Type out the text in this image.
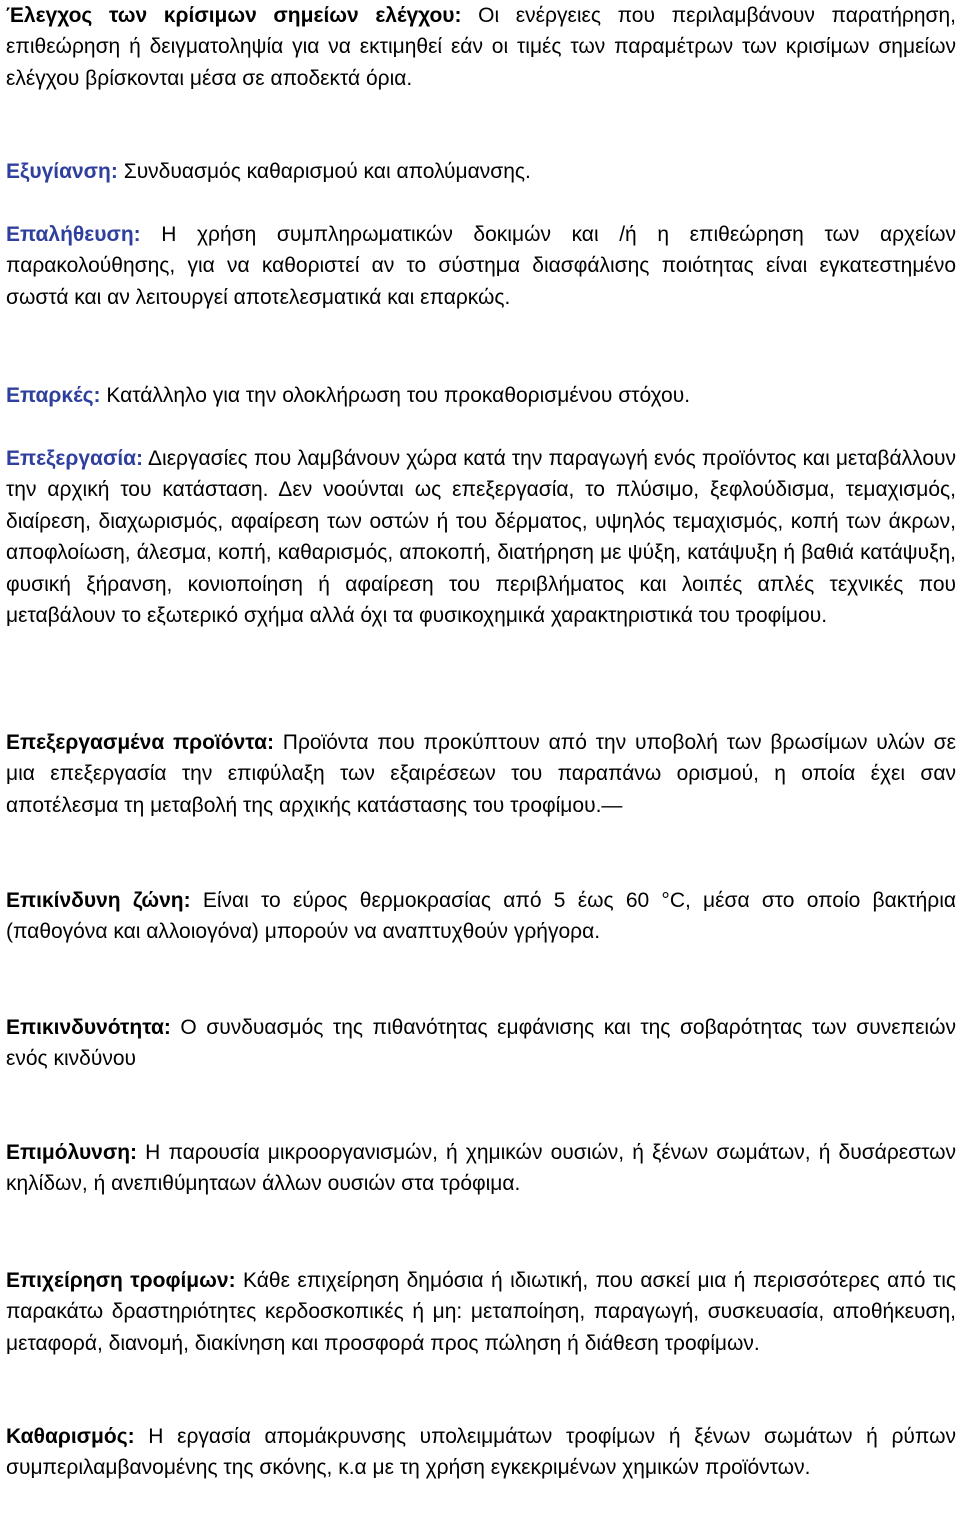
Έλεγχος των κρίσιμων σημείων ελέγχου: Οι ενέργειες που περιλαμβάνουν παρατήρηση, επιθεώρηση ή δειγματοληψία για να εκτιμηθεί εάν οι τιμές των παραμέτρων των κρισίμων σημείων ελέγχου βρίσκονται μέσα σε αποδεκτά όρια.

Εξυγίανση: Συνδυασμός καθαρισμού και απολύμανσης.

Επαλήθευση: Η χρήση συμπληρωματικών δοκιμών και /ή η επιθεώρηση των αρχείων παρακολούθησης, για να καθοριστεί αν το σύστημα διασφάλισης ποιότητας είναι εγκατεστημένο σωστά και αν λειτουργεί αποτελεσματικά και επαρκώς.

Επαρκές: Κατάλληλο για την ολοκλήρωση του προκαθορισμένου στόχου.

Επεξεργασία: Διεργασίες που λαμβάνουν χώρα κατά την παραγωγή ενός προϊόντος και μεταβάλλουν την αρχική του κατάσταση. Δεν νοούνται ως επεξεργασία, το πλύσιμο, ξεφλούδισμα, τεμαχισμός, διαίρεση, διαχωρισμός, αφαίρεση των οστών ή του δέρματος, υψηλός τεμαχισμός, κοπή των άκρων, αποφλοίωση, άλεσμα, κοπή, καθαρισμός, αποκοπή, διατήρηση με ψύξη, κατάψυξη ή βαθιά κατάψυξη, φυσική ξήρανση, κονιοποίηση ή αφαίρεση του περιβλήματος και λοιπές απλές τεχνικές που μεταβάλουν το εξωτερικό σχήμα αλλά όχι τα φυσικοχημικά χαρακτηριστικά του τροφίμου.

Επεξεργασμένα προϊόντα: Προϊόντα που προκύπτουν από την υποβολή των βρωσίμων υλών σε μια επεξεργασία την επιφύλαξη των εξαιρέσεων του παραπάνω ορισμού, η οποία έχει σαν αποτέλεσμα τη μεταβολή της αρχικής κατάστασης του τροφίμου.—

Επικίνδυνη ζώνη: Είναι το εύρος θερμοκρασίας από 5 έως 60 °C, μέσα στο οποίο βακτήρια (παθογόνα και αλλοιογόνα) μπορούν να αναπτυχθούν γρήγορα.

Επικινδυνότητα: Ο συνδυασμός της πιθανότητας εμφάνισης και της σοβαρότητας των συνεπειών ενός κινδύνου

Επιμόλυνση: Η παρουσία μικροοργανισμών, ή χημικών ουσιών, ή ξένων σωμάτων, ή δυσάρεστων κηλίδων, ή ανεπιθύμηταων άλλων ουσιών στα τρόφιμα.

Επιχείρηση τροφίμων: Κάθε επιχείρηση δημόσια ή ιδιωτική, που ασκεί μια ή περισσότερες από τις παρακάτω δραστηριότητες κερδοσκοπικές ή μη: μεταποίηση, παραγωγή, συσκευασία, αποθήκευση, μεταφορά, διανομή, διακίνηση και προσφορά προς πώληση ή διάθεση τροφίμων.

Καθαρισμός: Η εργασία απομάκρυνσης υπολειμμάτων τροφίμων ή ξένων σωμάτων ή ρύπων συμπεριλαμβανομένης της σκόνης, κ.α με τη χρήση εγκεκριμένων χημικών προϊόντων.
